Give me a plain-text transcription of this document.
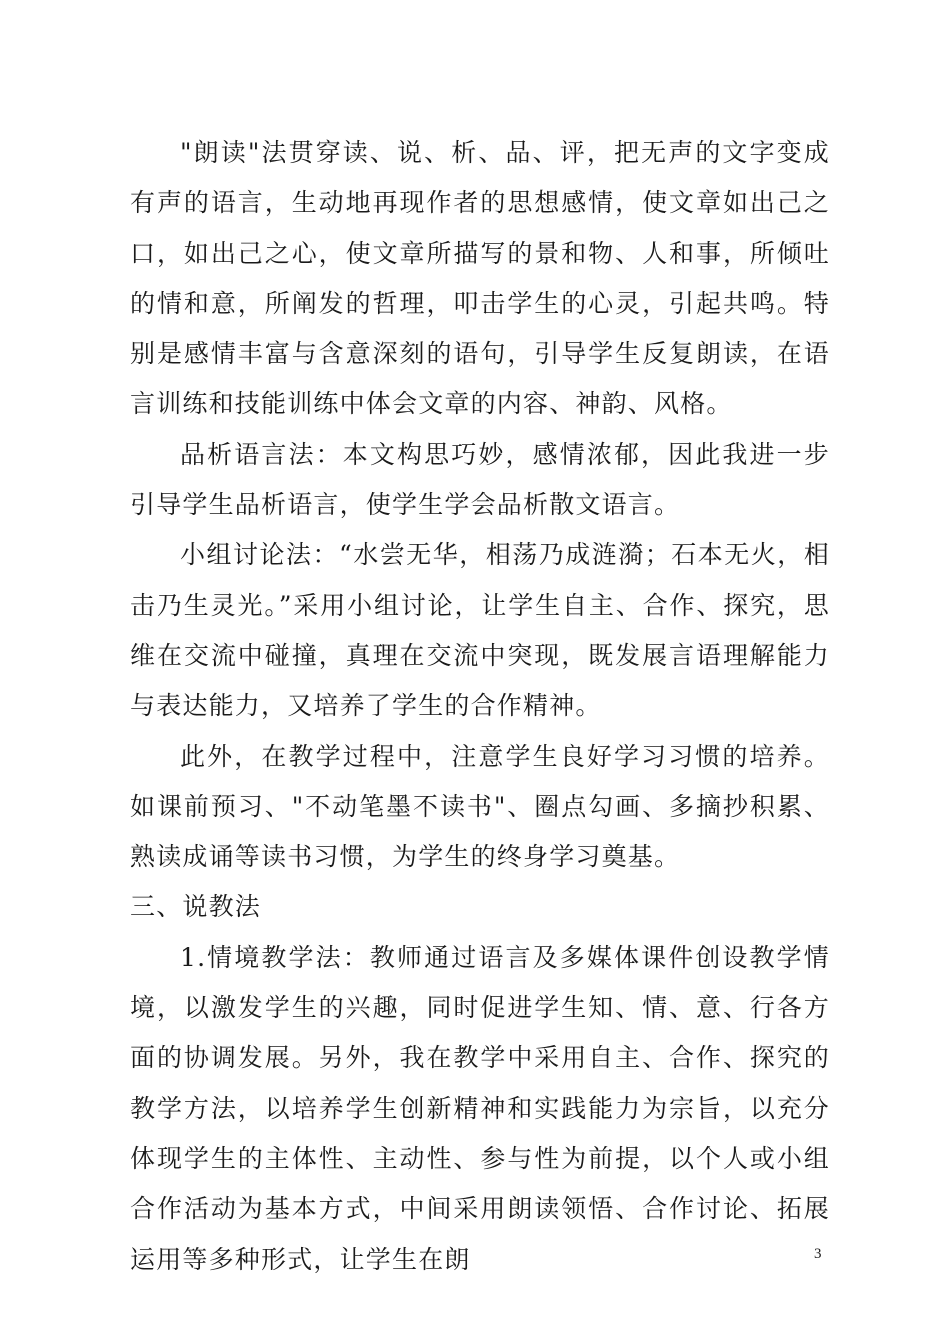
"朗读"法贯穿读、说、析、品、评，把无声的文字变成有声的语言，生动地再现作者的思想感情，使文章如出己之口，如出己之心，使文章所描写的景和物、人和事，所倾吐的情和意，所阐发的哲理，叩击学生的心灵，引起共鸣。特别是感情丰富与含意深刻的语句，引导学生反复朗读，在语言训练和技能训练中体会文章的内容、神韵、风格。

品析语言法：本文构思巧妙，感情浓郁，因此我进一步引导学生品析语言，使学生学会品析散文语言。

小组讨论法：“水尝无华，相荡乃成涟漪；石本无火，相击乃生灵光。”采用小组讨论，让学生自主、合作、探究，思维在交流中碰撞，真理在交流中突现，既发展言语理解能力与表达能力，又培养了学生的合作精神。

此外，在教学过程中，注意学生良好学习习惯的培养。如课前预习、"不动笔墨不读书"、圈点勾画、多摘抄积累、熟读成诵等读书习惯，为学生的终身学习奠基。

三、说教法

1.情境教学法：教师通过语言及多媒体课件创设教学情境，以激发学生的兴趣，同时促进学生知、情、意、行各方面的协调发展。另外，我在教学中采用自主、合作、探究的教学方法，以培养学生创新精神和实践能力为宗旨，以充分体现学生的主体性、主动性、参与性为前提，以个人或小组合作活动为基本方式，中间采用朗读领悟、合作讨论、拓展运用等多种形式，让学生在朗	3
